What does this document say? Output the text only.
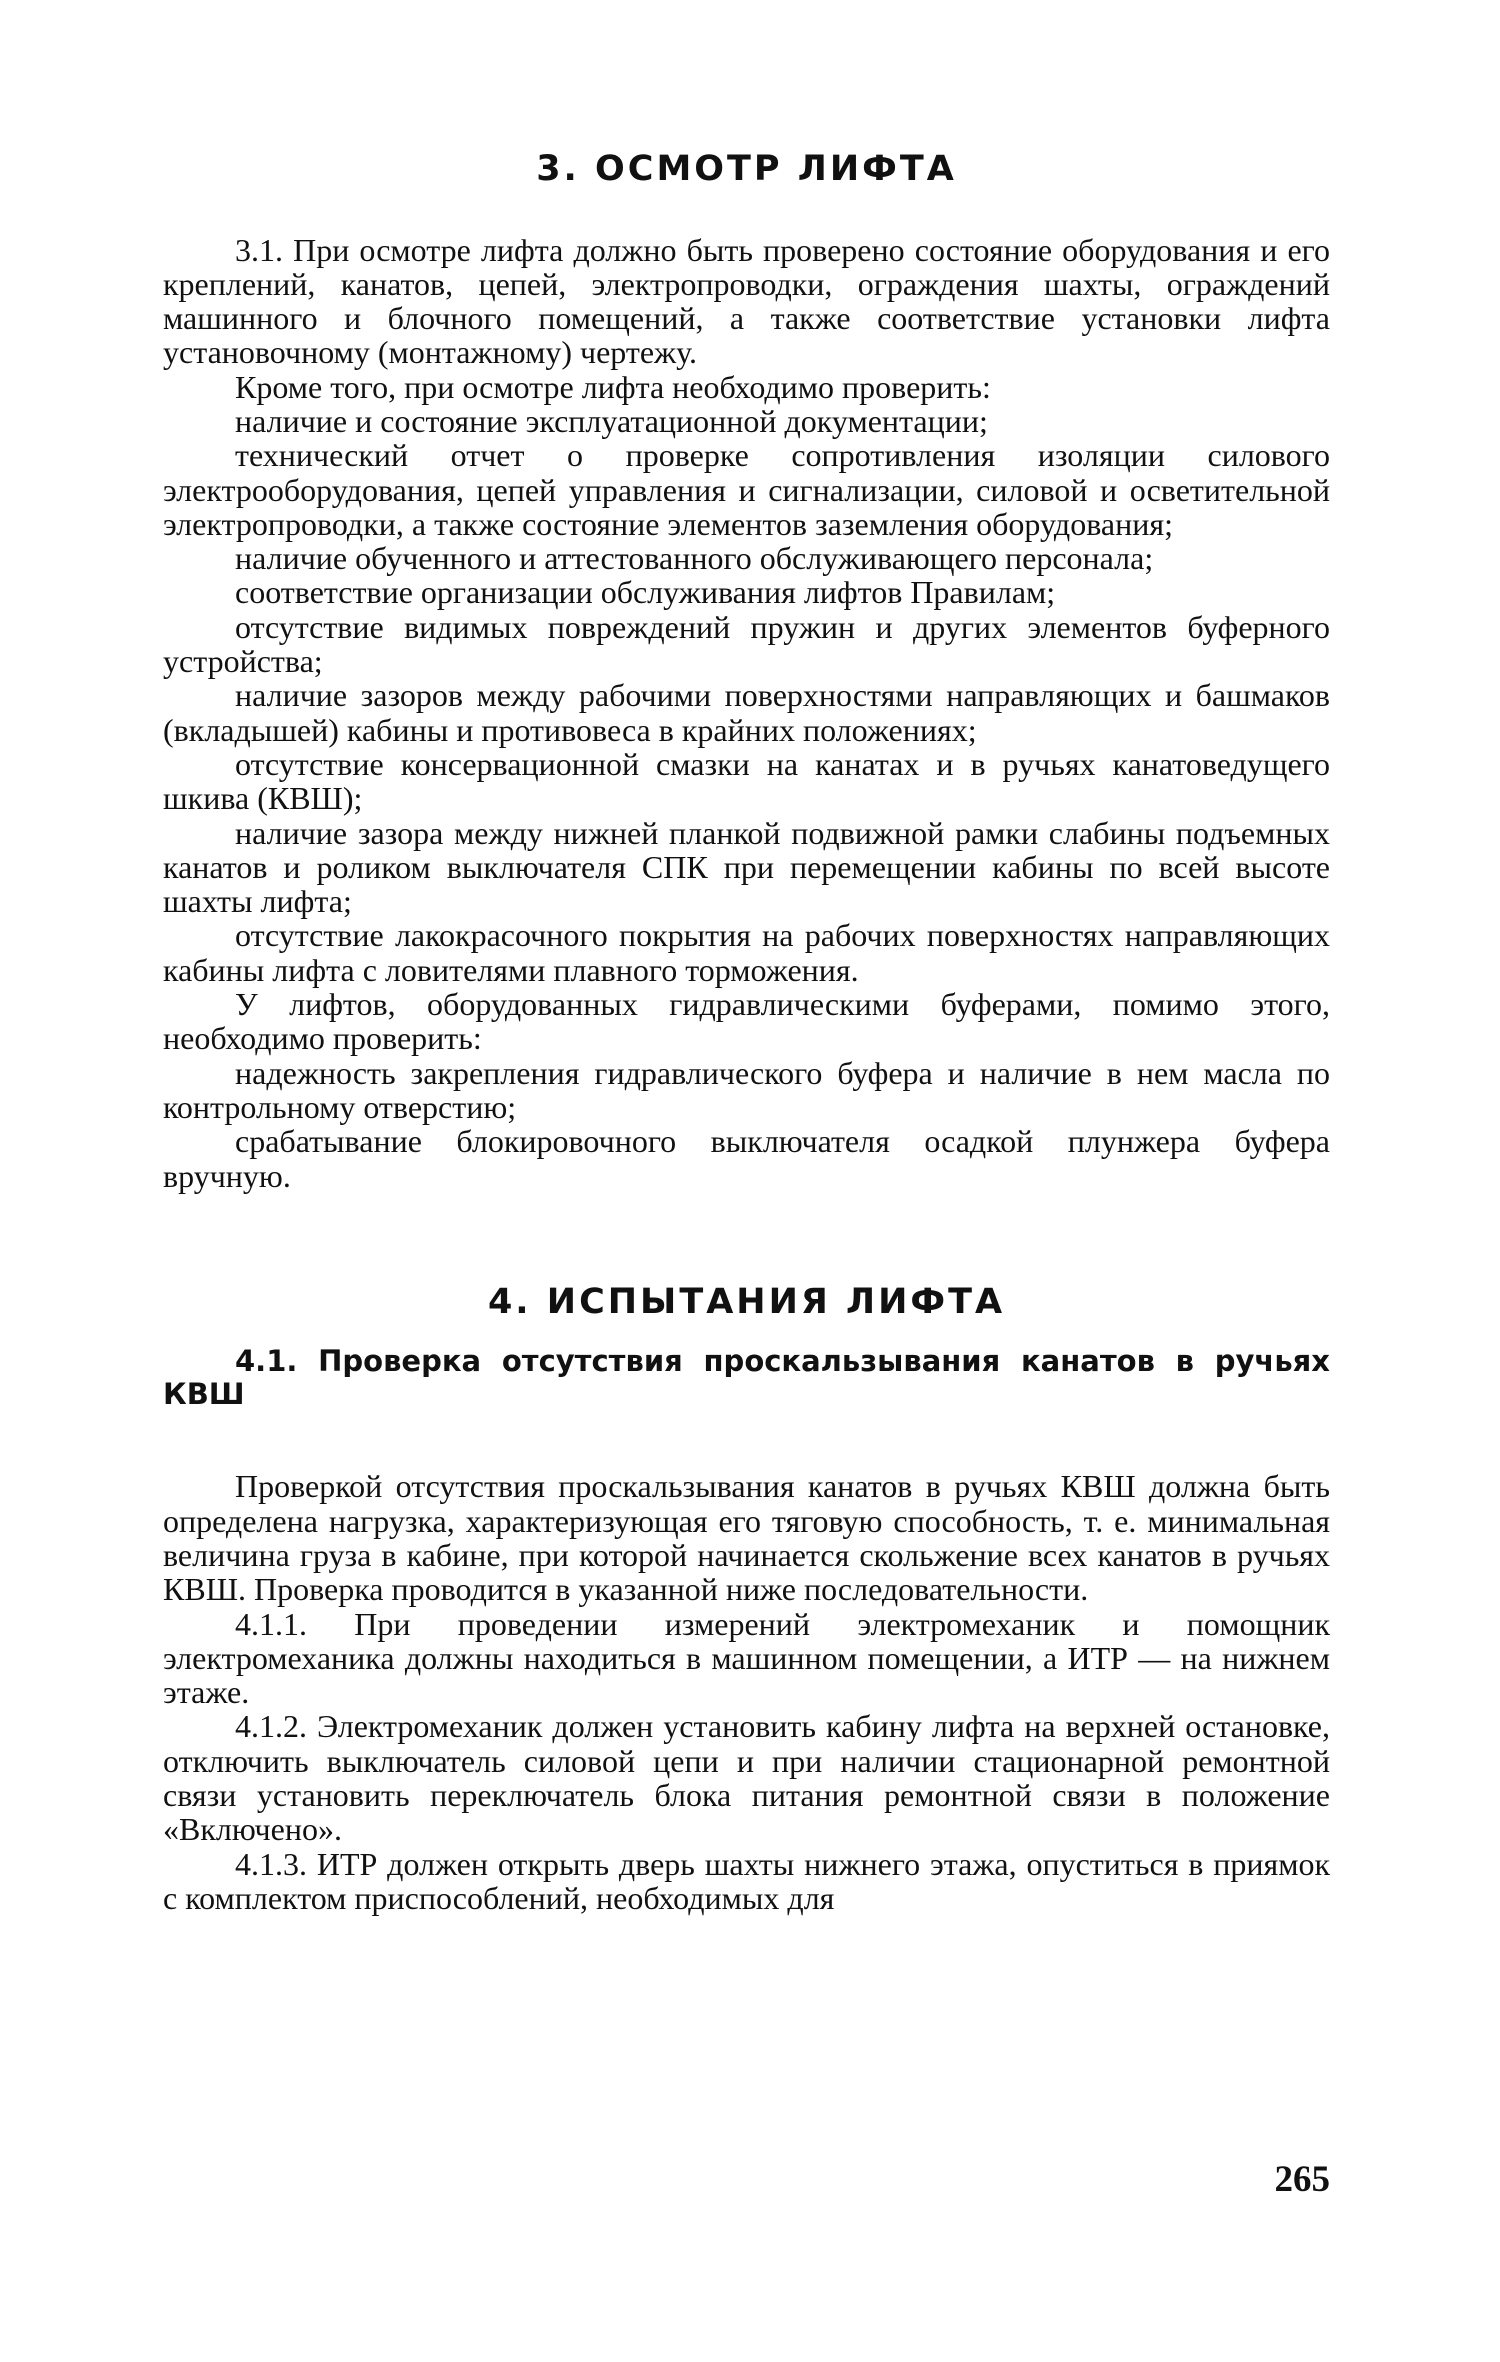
3. ОСМОТР ЛИФТА

3.1. При осмотре лифта должно быть проверено состояние оборудования и его креплений, канатов, цепей, электропроводки, ограждения шахты, ограждений машинного и блочного помещений, а также соответствие установки лифта установочному (монтажному) чертежу.

Кроме того, при осмотре лифта необходимо проверить:

наличие и состояние эксплуатационной документации;

технический отчет о проверке сопротивления изоляции силового электрооборудования, цепей управления и сигнализации, силовой и осветительной электропроводки, а также состояние элементов заземления оборудования;

наличие обученного и аттестованного обслуживающего персонала;

соответствие организации обслуживания лифтов Правилам;

отсутствие видимых повреждений пружин и других элементов буферного устройства;

наличие зазоров между рабочими поверхностями направляющих и башмаков (вкладышей) кабины и противовеса в крайних положениях;

отсутствие консервационной смазки на канатах и в ручьях канатоведущего шкива (КВШ);

наличие зазора между нижней планкой подвижной рамки слабины подъемных канатов и роликом выключателя СПК при перемещении кабины по всей высоте шахты лифта;

отсутствие лакокрасочного покрытия на рабочих поверхностях направляющих кабины лифта с ловителями плавного торможения.

У лифтов, оборудованных гидравлическими буферами, помимо этого, необходимо проверить:

надежность закрепления гидравлического буфера и наличие в нем масла по контрольному отверстию;

срабатывание блокировочного выключателя осадкой плунжера буфера вручную.

4. ИСПЫТАНИЯ ЛИФТА
4.1. Проверка отсутствия проскальзывания канатов в ручьях КВШ

Проверкой отсутствия проскальзывания канатов в ручьях КВШ должна быть определена нагрузка, характеризующая его тяговую способность, т. е. минимальная величина груза в кабине, при которой начинается скольжение всех канатов в ручьях КВШ. Проверка проводится в указанной ниже последовательности.

4.1.1. При проведении измерений электромеханик и помощник электромеханика должны находиться в машинном помещении, а ИТР — на нижнем этаже.

4.1.2. Электромеханик должен установить кабину лифта на верхней остановке, отключить выключатель силовой цепи и при наличии стационарной ремонтной связи установить переключатель блока питания ремонтной связи в положение «Включено».

4.1.3. ИТР должен открыть дверь шахты нижнего этажа, опуститься в приямок с комплектом приспособлений, необходимых для

265
